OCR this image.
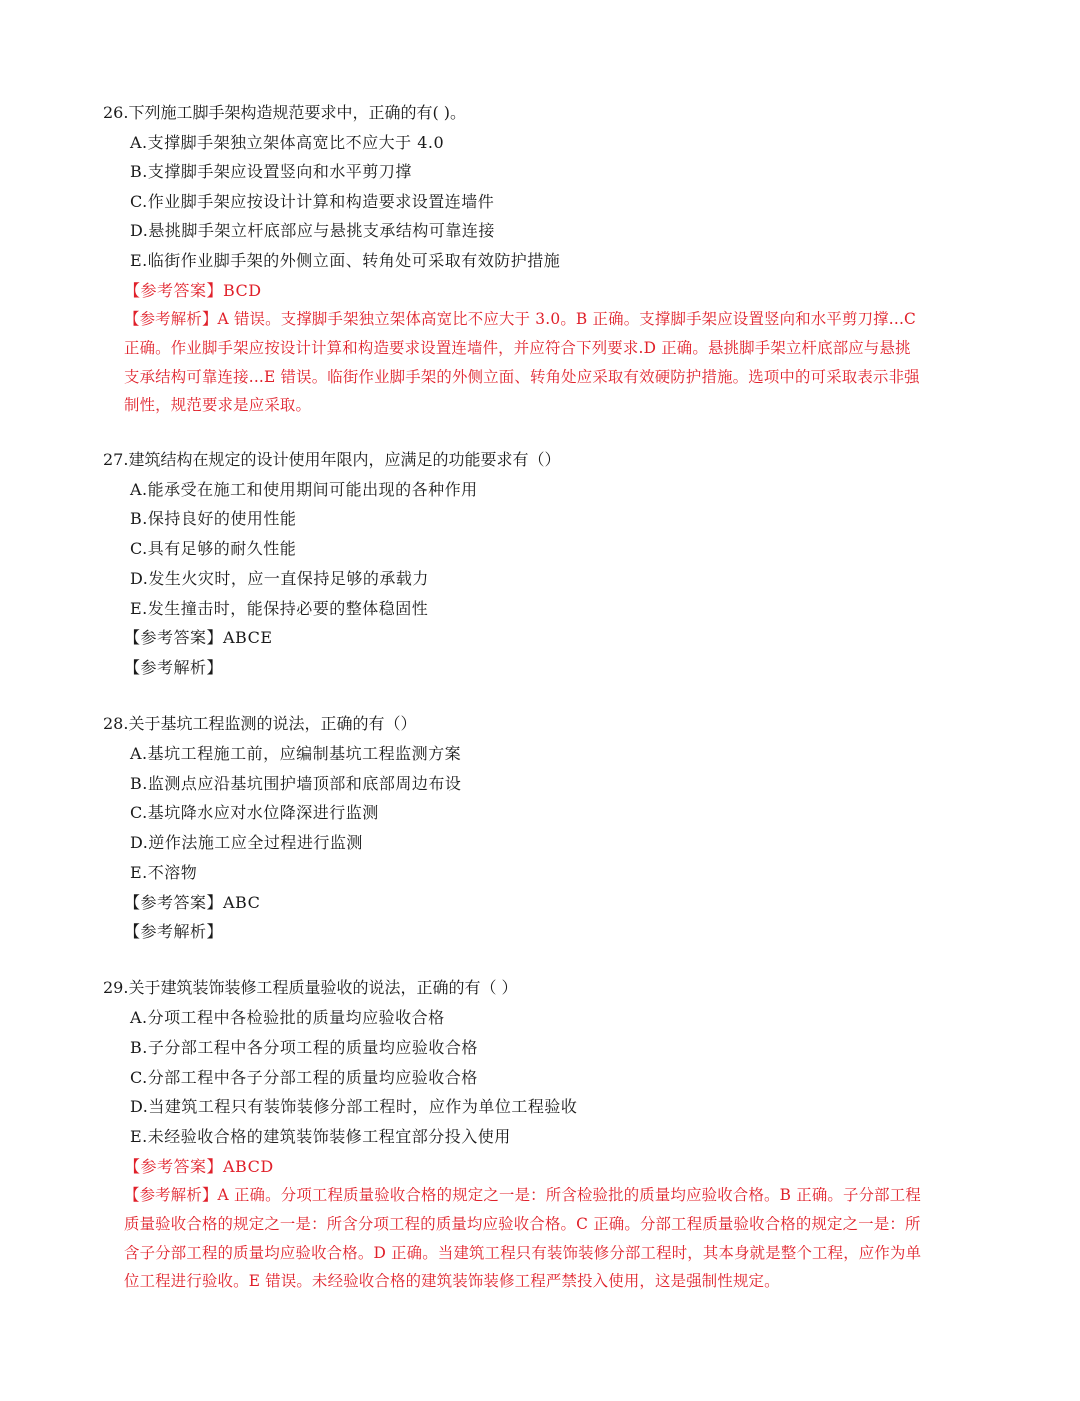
26.下列施工脚手架构造规范要求中，正确的有( )。
A.支撑脚手架独立架体高宽比不应大于 4.0
B.支撑脚手架应设置竖向和水平剪刀撑
C.作业脚手架应按设计计算和构造要求设置连墙件
D.悬挑脚手架立杆底部应与悬挑支承结构可靠连接
E.临街作业脚手架的外侧立面、转角处可采取有效防护措施
【参考答案】BCD
【参考解析】A 错误。支撑脚手架独立架体高宽比不应大于 3.0。B 正确。支撑脚手架应设置竖向和水平剪刀撑...C 正确。作业脚手架应按设计计算和构造要求设置连墙件，并应符合下列要求.D 正确。悬挑脚手架立杆底部应与悬挑支承结构可靠连接...E 错误。临街作业脚手架的外侧立面、转角处应采取有效硬防护措施。选项中的可采取表示非强制性，规范要求是应采取。
27.建筑结构在规定的设计使用年限内，应满足的功能要求有（）
A.能承受在施工和使用期间可能出现的各种作用
B.保持良好的使用性能
C.具有足够的耐久性能
D.发生火灾时，应一直保持足够的承载力
E.发生撞击时，能保持必要的整体稳固性
【参考答案】ABCE
【参考解析】
28.关于基坑工程监测的说法，正确的有（）
A.基坑工程施工前，应编制基坑工程监测方案
B.监测点应沿基坑围护墙顶部和底部周边布设
C.基坑降水应对水位降深进行监测
D.逆作法施工应全过程进行监测
E.不溶物
【参考答案】ABC
【参考解析】
29.关于建筑装饰装修工程质量验收的说法，正确的有（ ）
A.分项工程中各检验批的质量均应验收合格
B.子分部工程中各分项工程的质量均应验收合格
C.分部工程中各子分部工程的质量均应验收合格
D.当建筑工程只有装饰装修分部工程时，应作为单位工程验收
E.未经验收合格的建筑装饰装修工程宜部分投入使用
【参考答案】ABCD
【参考解析】A 正确。分项工程质量验收合格的规定之一是：所含检验批的质量均应验收合格。B 正确。子分部工程质量验收合格的规定之一是：所含分项工程的质量均应验收合格。C 正确。分部工程质量验收合格的规定之一是：所含子分部工程的质量均应验收合格。D 正确。当建筑工程只有装饰装修分部工程时，其本身就是整个工程，应作为单位工程进行验收。E 错误。未经验收合格的建筑装饰装修工程严禁投入使用，这是强制性规定。
